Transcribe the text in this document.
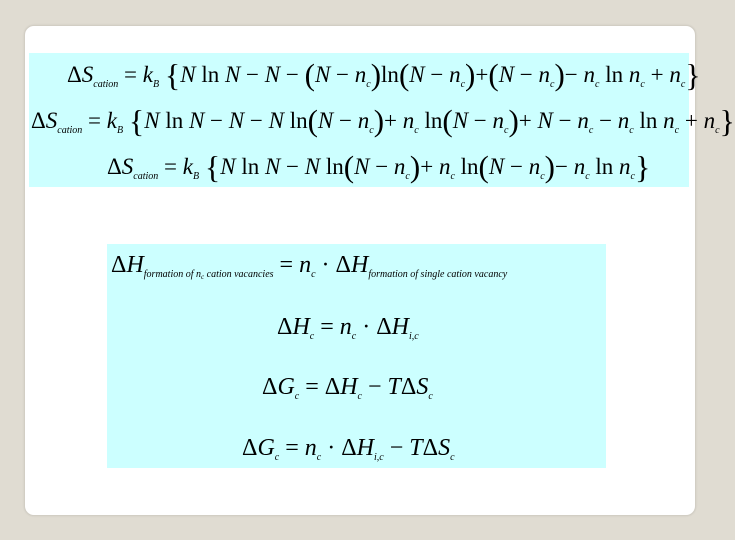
$\Delta S_{cation} = k_B$ {N $\ln N - N - (N - n_c)\ln(N - n_c)+(N - n_c)- n_c$ $\ln n_c + n_c$}
$\Delta S_{cation} = k_B$ {N ln N − N − N $\ln(N - n_c)+ n_c$ $\ln(N - n_c)+ N - n_c - n_c$ $\ln n_c + n_c$}
$\Delta S_{cation} = k_B$ {N ln N − N $\ln(N - n_c)+ n_c$ $\ln(N - n_c)- n_c$ $\ln n_c$}
$\Delta H_{formation of n_c cation vacancies} = n_c \cdot \Delta H_{formation of single cation vacancy}$
$\Delta H_c = n_c \cdot \Delta H_{i,c}$
$\Delta G_c = \Delta H_c - T\Delta S_c$
$\Delta G_c = n_c \cdot \Delta H_{i,c} - T\Delta S_c$
